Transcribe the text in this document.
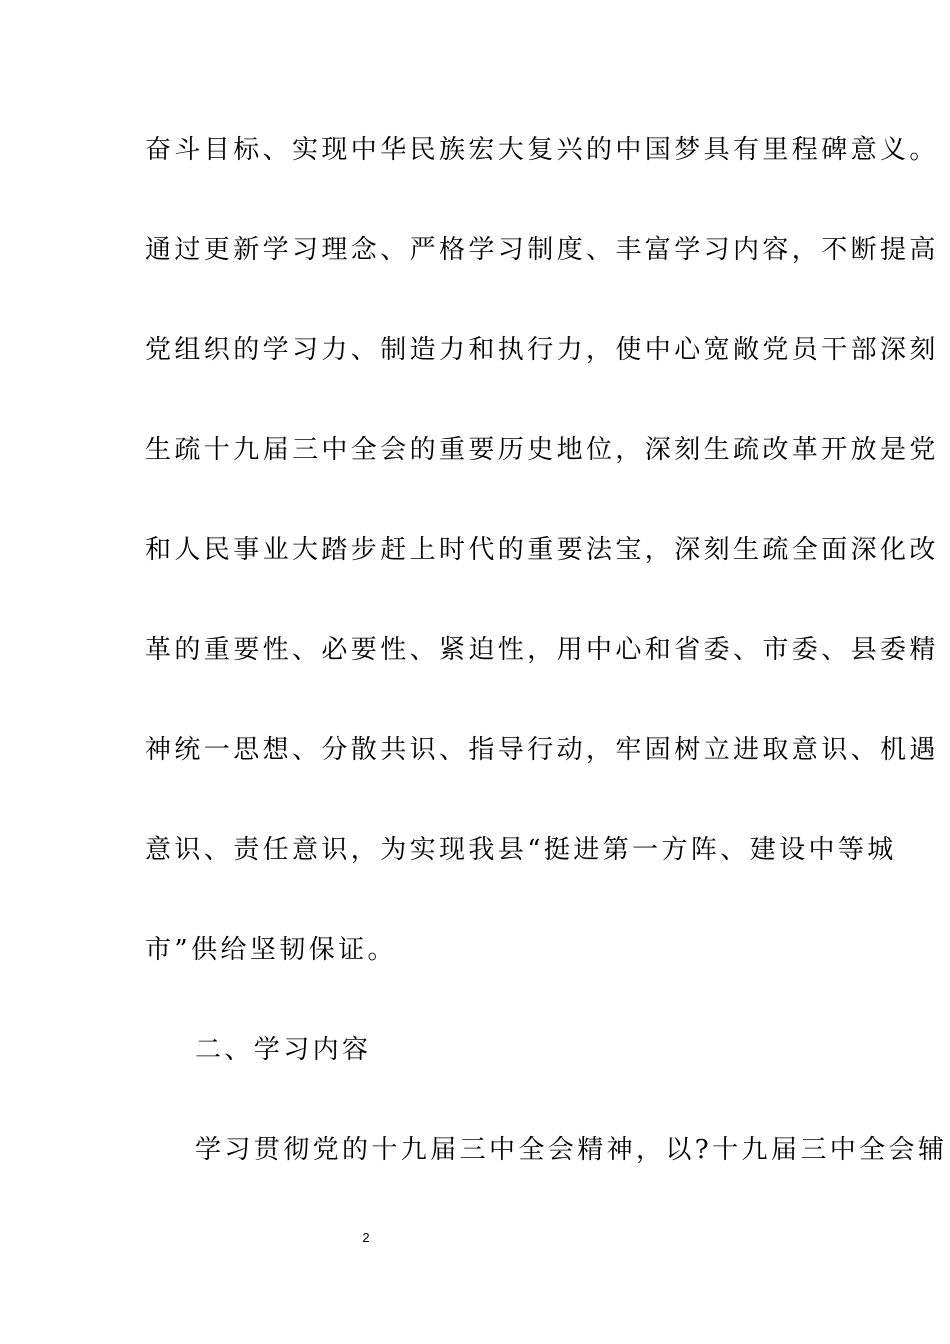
奋斗目标、实现中华民族宏大复兴的中国梦具有里程碑意义。
通过更新学习理念、严格学习制度、丰富学习内容，不断提高
党组织的学习力、制造力和执行力，使中心宽敞党员干部深刻
生疏十九届三中全会的重要历史地位，深刻生疏改革开放是党
和人民事业大踏步赶上时代的重要法宝，深刻生疏全面深化改
革的重要性、必要性、紧迫性，用中心和省委、市委、县委精
神统一思想、分散共识、指导行动，牢固树立进取意识、机遇
意识、责任意识，为实现我县“挺进第一方阵、建设中等城
市”供给坚韧保证。
二、学习内容
学习贯彻党的十九届三中全会精神，以?十九届三中全会辅
2
